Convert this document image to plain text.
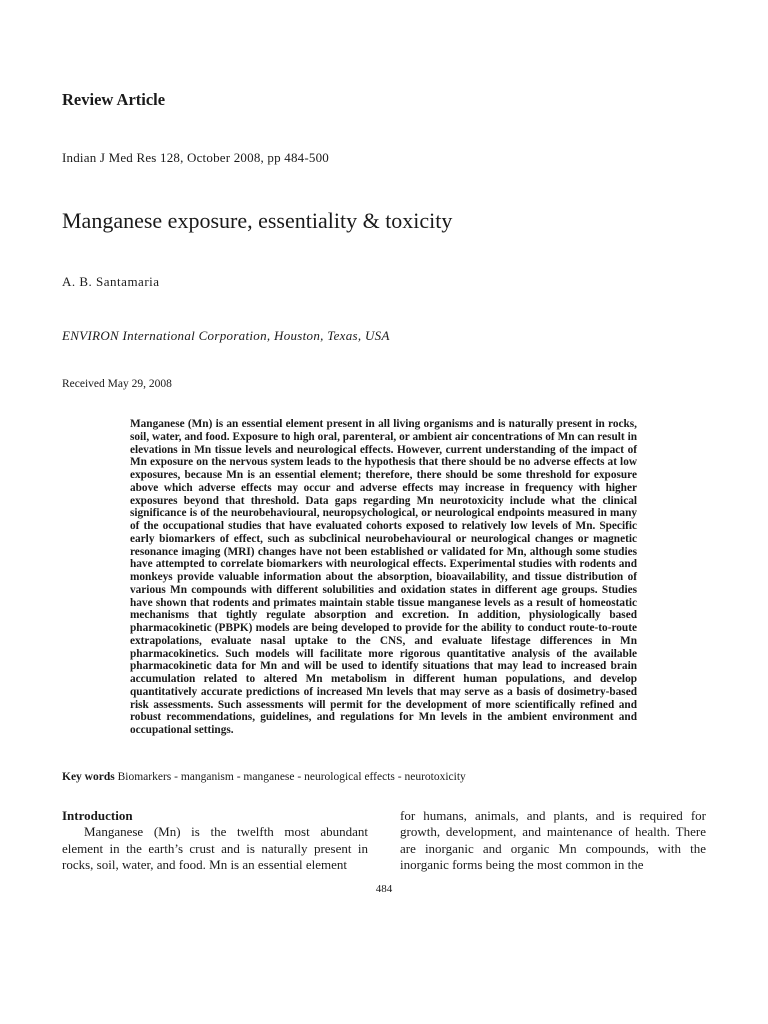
Review Article

Indian J Med Res 128, October 2008, pp 484-500

Manganese exposure, essentiality & toxicity

A. B. Santamaria

ENVIRON International Corporation, Houston, Texas, USA

Received May 29, 2008

Manganese (Mn) is an essential element present in all living organisms and is naturally present in rocks, soil, water, and food. Exposure to high oral, parenteral, or ambient air concentrations of Mn can result in elevations in Mn tissue levels and neurological effects. However, current understanding of the impact of Mn exposure on the nervous system leads to the hypothesis that there should be no adverse effects at low exposures, because Mn is an essential element; therefore, there should be some threshold for exposure above which adverse effects may occur and adverse effects may increase in frequency with higher exposures beyond that threshold. Data gaps regarding Mn neurotoxicity include what the clinical significance is of the neurobehavioural, neuropsychological, or neurological endpoints measured in many of the occupational studies that have evaluated cohorts exposed to relatively low levels of Mn. Specific early biomarkers of effect, such as subclinical neurobehavioural or neurological changes or magnetic resonance imaging (MRI) changes have not been established or validated for Mn, although some studies have attempted to correlate biomarkers with neurological effects. Experimental studies with rodents and monkeys provide valuable information about the absorption, bioavailability, and tissue distribution of various Mn compounds with different solubilities and oxidation states in different age groups. Studies have shown that rodents and primates maintain stable tissue manganese levels as a result of homeostatic mechanisms that tightly regulate absorption and excretion. In addition, physiologically based pharmacokinetic (PBPK) models are being developed to provide for the ability to conduct route-to-route extrapolations, evaluate nasal uptake to the CNS, and evaluate lifestage differences in Mn pharmacokinetics. Such models will facilitate more rigorous quantitative analysis of the available pharmacokinetic data for Mn and will be used to identify situations that may lead to increased brain accumulation related to altered Mn metabolism in different human populations, and develop quantitatively accurate predictions of increased Mn levels that may serve as a basis of dosimetry-based risk assessments. Such assessments will permit for the development of more scientifically refined and robust recommendations, guidelines, and regulations for Mn levels in the ambient environment and occupational settings.

Key words Biomarkers - manganism - manganese - neurological effects - neurotoxicity

Introduction

Manganese (Mn) is the twelfth most abundant element in the earth’s crust and is naturally present in rocks, soil, water, and food. Mn is an essential element

for humans, animals, and plants, and is required for growth, development, and maintenance of health. There are inorganic and organic Mn compounds, with the inorganic forms being the most common in the

484
